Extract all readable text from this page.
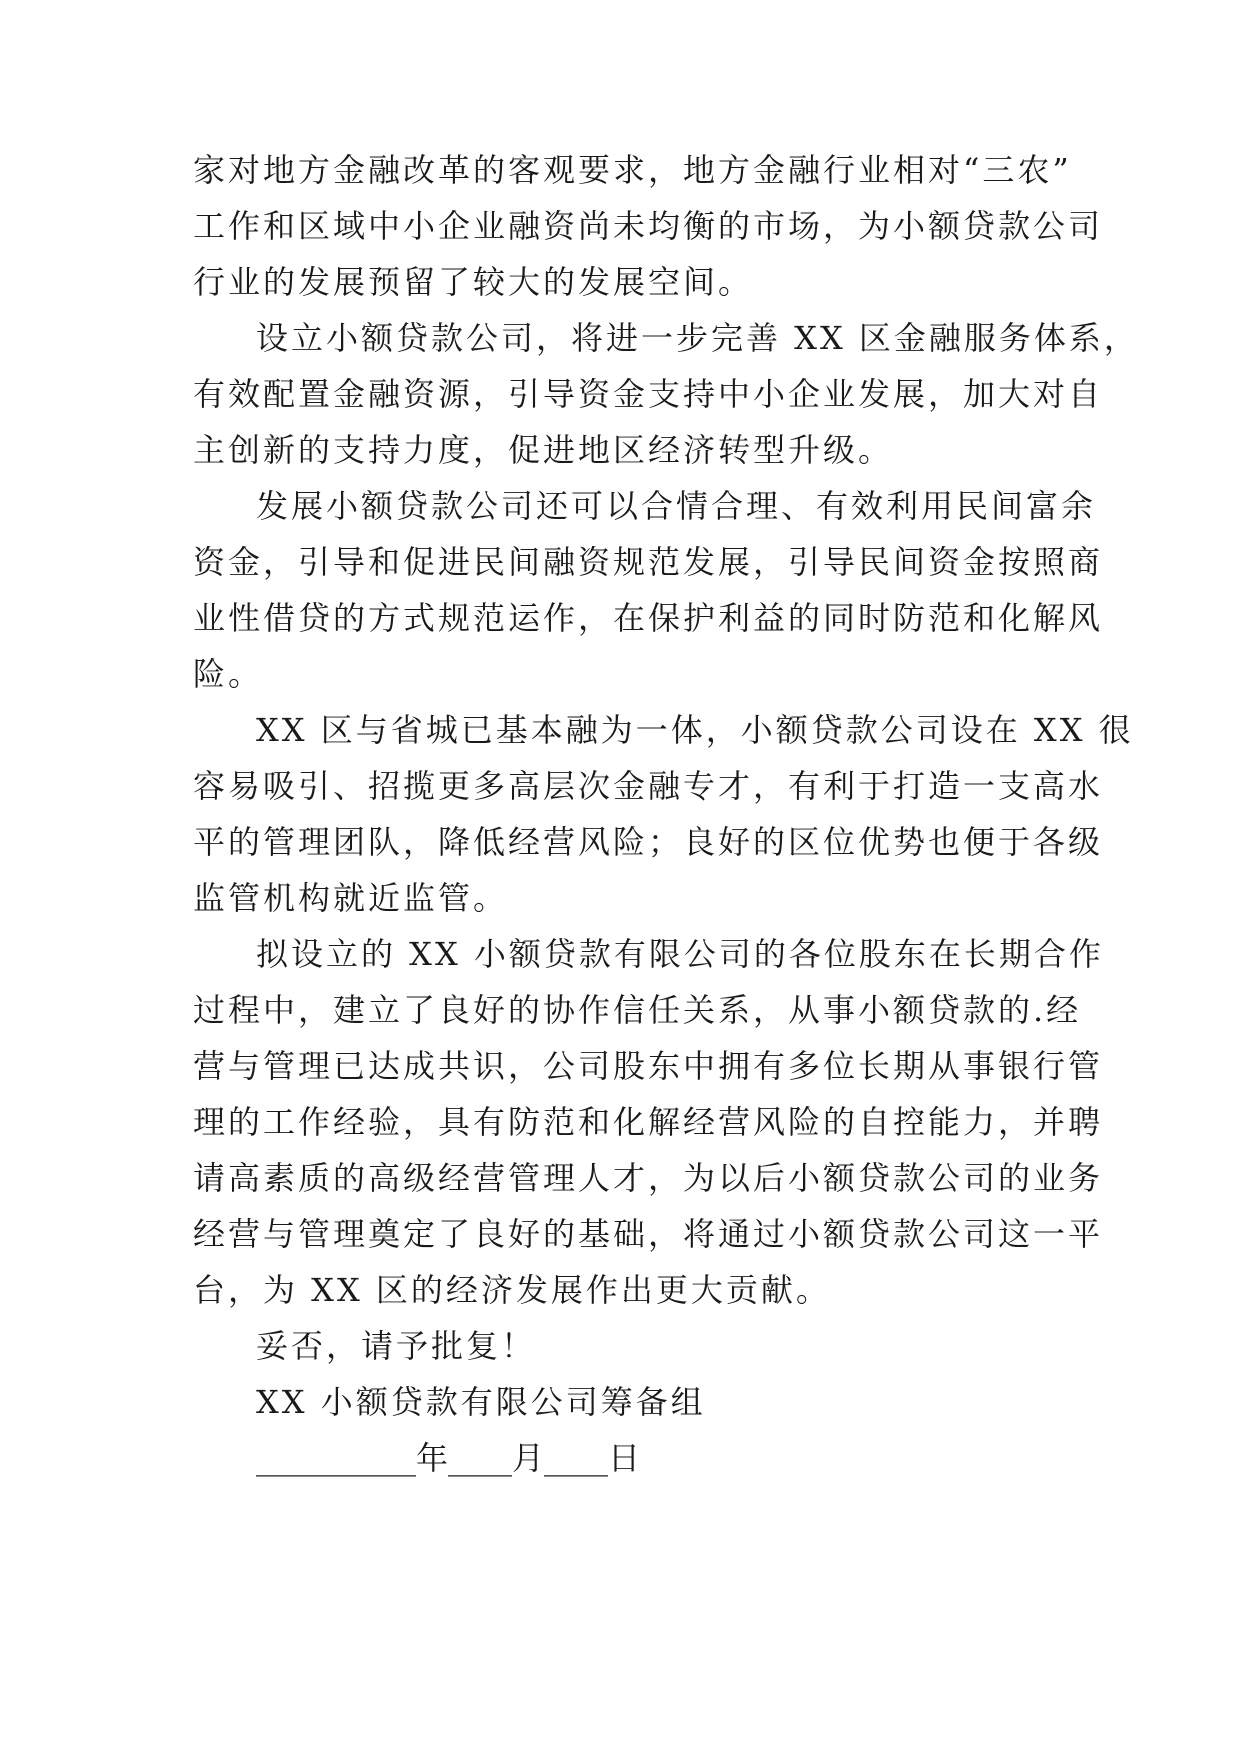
家对地方金融改革的客观要求，地方金融行业相对“三农”
工作和区域中小企业融资尚未均衡的市场，为小额贷款公司
行业的发展预留了较大的发展空间。
设立小额贷款公司，将进一步完善 XX 区金融服务体系，
有效配置金融资源，引导资金支持中小企业发展，加大对自
主创新的支持力度，促进地区经济转型升级。
发展小额贷款公司还可以合情合理、有效利用民间富余
资金，引导和促进民间融资规范发展，引导民间资金按照商
业性借贷的方式规范运作，在保护利益的同时防范和化解风
险。
XX 区与省城已基本融为一体，小额贷款公司设在 XX 很
容易吸引、招揽更多高层次金融专才，有利于打造一支高水
平的管理团队，降低经营风险；良好的区位优势也便于各级
监管机构就近监管。
拟设立的 XX 小额贷款有限公司的各位股东在长期合作
过程中，建立了良好的协作信任关系，从事小额贷款的.经
营与管理已达成共识，公司股东中拥有多位长期从事银行管
理的工作经验，具有防范和化解经营风险的自控能力，并聘
请高素质的高级经营管理人才，为以后小额贷款公司的业务
经营与管理奠定了良好的基础，将通过小额贷款公司这一平
台，为 XX 区的经济发展作出更大贡献。
妥否，请予批复！
XX 小额贷款有限公司筹备组
__________年____月____日
